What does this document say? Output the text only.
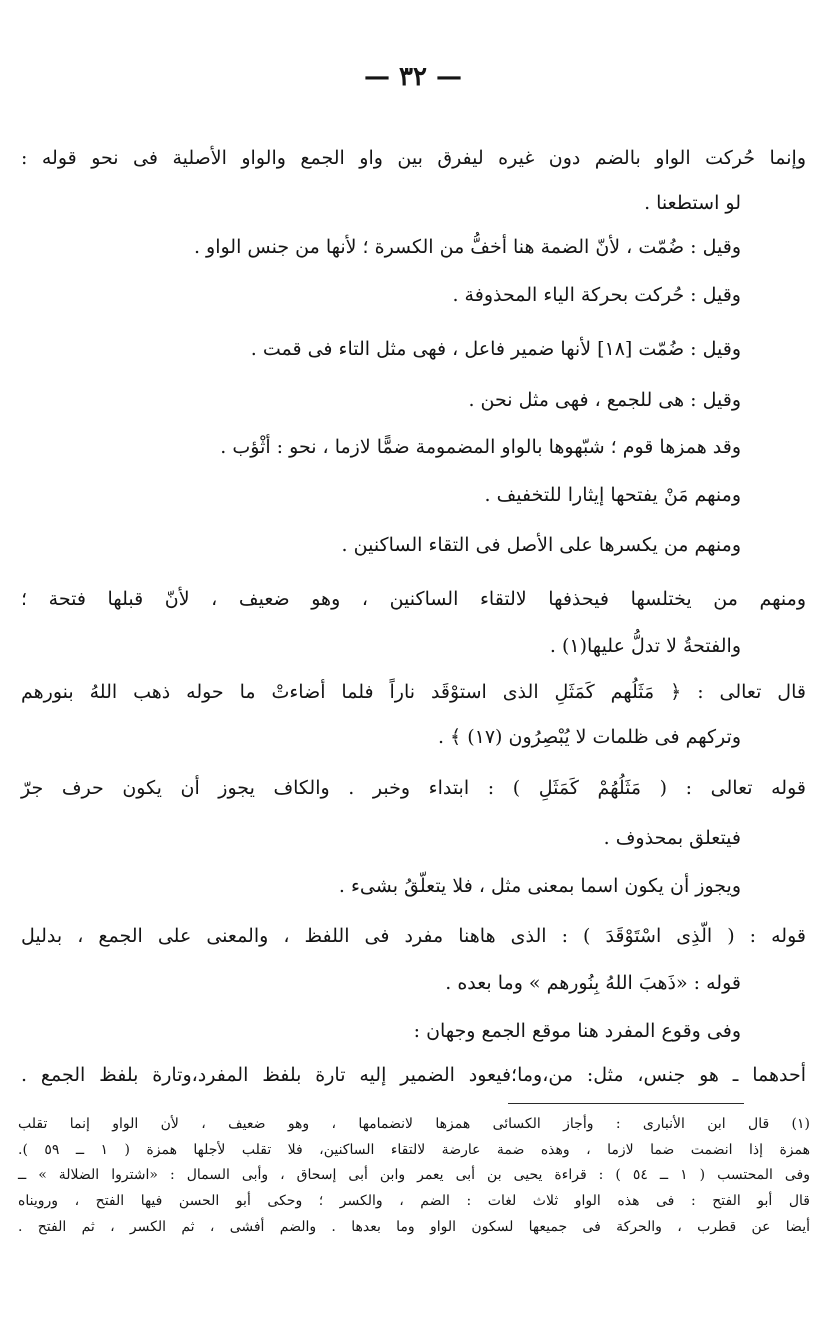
— ٣٢ —
وإنما حُركت الواو بالضم دون غيره ليفرق بين واو الجمع والواو الأصلية فى نحو قوله :
لو استطعنا .
وقيل : ضُمّت ، لأنّ الضمة هنا أخفُّ من الكسرة ؛ لأنها من جنس الواو .
وقيل : حُركت بحركة الياء المحذوفة .
وقيل : ضُمّت [١٨] لأنها ضمير فاعل ، فهى مثل التاء فى قمت .
وقيل : هى للجمع ، فهى مثل نحن .
وقد همزها قوم ؛ شبّهوها بالواو المضمومة ضمًّا لازما ، نحو : أثْؤب .
ومنهم مَنْ يفتحها إيثارا للتخفيف .
ومنهم من يكسرها على الأصل فى التقاء الساكنين .
ومنهم من يختلسها فيحذفها لالتقاء الساكنين ، وهو ضعيف ، لأنّ قبلها فتحة ؛
والفتحةُ لا تدلُّ عليها(١) .
قال تعالى : ﴿ مَثَلُهم كَمَثَلِ الذى استوْقَد ناراً فلما أضاءتْ ما حوله ذهب اللهُ بنورهم
وتركهم فى ظلمات لا يُبْصِرُون (١٧) ﴾ .
قوله تعالى : ( مَثَلُهُمْ كَمَثَلِ ) : ابتداء وخبر . والكاف يجوز أن يكون حرف جرّ
فيتعلق بمحذوف .
ويجوز أن يكون اسما بمعنى مثل ، فلا يتعلّقُ بشىء .
قوله : ( الّذِى اسْتَوْقَدَ ) : الذى هاهنا مفرد فى اللفظ ، والمعنى على الجمع ، بدليل
قوله : «ذَهبَ اللهُ بِنُورهم » وما بعده .
وفى وقوع المفرد هنا موقع الجمع وجهان :
أحدهما ـ هو جنس، مثل: من،وما؛فيعود الضمير إليه تارة بلفظ المفرد،وتارة بلفظ الجمع .
(١) قال ابن الأنبارى : وأجاز الكسائى همزها لانضمامها ، وهو ضعيف ، لأن الواو إنما تقلب
همزة إذا انضمت ضما لازما ، وهذه ضمة عارضة لالتقاء الساكنين، فلا تقلب لأجلها همزة ( ١ ــ ٥٩ ).
وفى المحتسب ( ١ ــ ٥٤ ) : قراءة يحيى بن أبى يعمر وابن أبى إسحاق ، وأبى السمال : «اشتروا الضلالة » ــ
قال أبو الفتح : فى هذه الواو ثلاث لغات : الضم ، والكسر ؛ وحكى أبو الحسن فيها الفتح ، ورويناه
أيضا عن قطرب ، والحركة فى جميعها لسكون الواو وما بعدها . والضم أفشى ، ثم الكسر ، ثم الفتح .
